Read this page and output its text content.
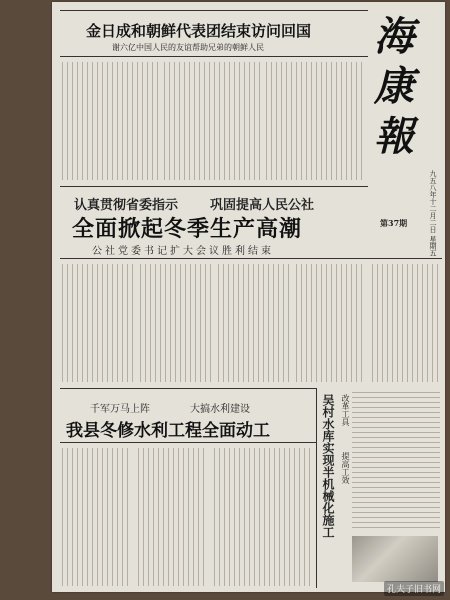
海
康
報
九五八年十二月二日 星期五
第37期
金日成和朝鲜代表团结束访问回国
谢六亿中国人民的友谊帮助兄弟的朝鲜人民
认真贯彻省委指示 巩固提高人民公社
全面掀起冬季生产高潮
公社党委书记扩大会议胜利结束
千军万马上阵	大搞水利建设
我县冬修水利工程全面动工	吴村水库实现半机械化施工 改革工具
提高工效
孔夫子旧书网
